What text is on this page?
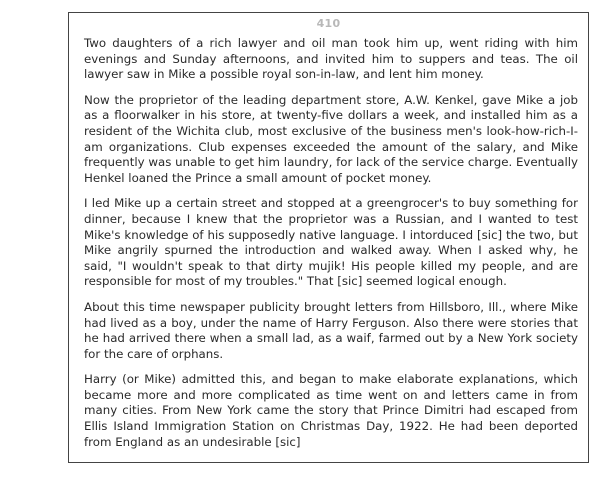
410

Two daughters of a rich lawyer and oil man took him up, went riding with him evenings and Sunday afternoons, and invited him to suppers and teas. The oil lawyer saw in Mike a possible royal son-in-law, and lent him money.

Now the proprietor of the leading department store, A.W. Kenkel, gave Mike a job as a floorwalker in his store, at twenty-five dollars a week, and installed him as a resident of the Wichita club, most exclusive of the business men's look-how-rich-I-am organizations. Club expenses exceeded the amount of the salary, and Mike frequently was unable to get him laundry, for lack of the service charge. Eventually Henkel loaned the Prince a small amount of pocket money.

I led Mike up a certain street and stopped at a greengrocer's to buy something for dinner, because I knew that the proprietor was a Russian, and I wanted to test Mike's knowledge of his supposedly native language. I intorduced [sic] the two, but Mike angrily spurned the introduction and walked away. When I asked why, he said, "I wouldn't speak to that dirty mujik! His people killed my people, and are responsible for most of my troubles." That [sic] seemed logical enough.

About this time newspaper publicity brought letters from Hillsboro, Ill., where Mike had lived as a boy, under the name of Harry Ferguson. Also there were stories that he had arrived there when a small lad, as a waif, farmed out by a New York society for the care of orphans.

Harry (or Mike) admitted this, and began to make elaborate explanations, which became more and more complicated as time went on and letters came in from many cities. From New York came the story that Prince Dimitri had escaped from Ellis Island Immigration Station on Christmas Day, 1922. He had been deported from England as an undesirable [sic]
